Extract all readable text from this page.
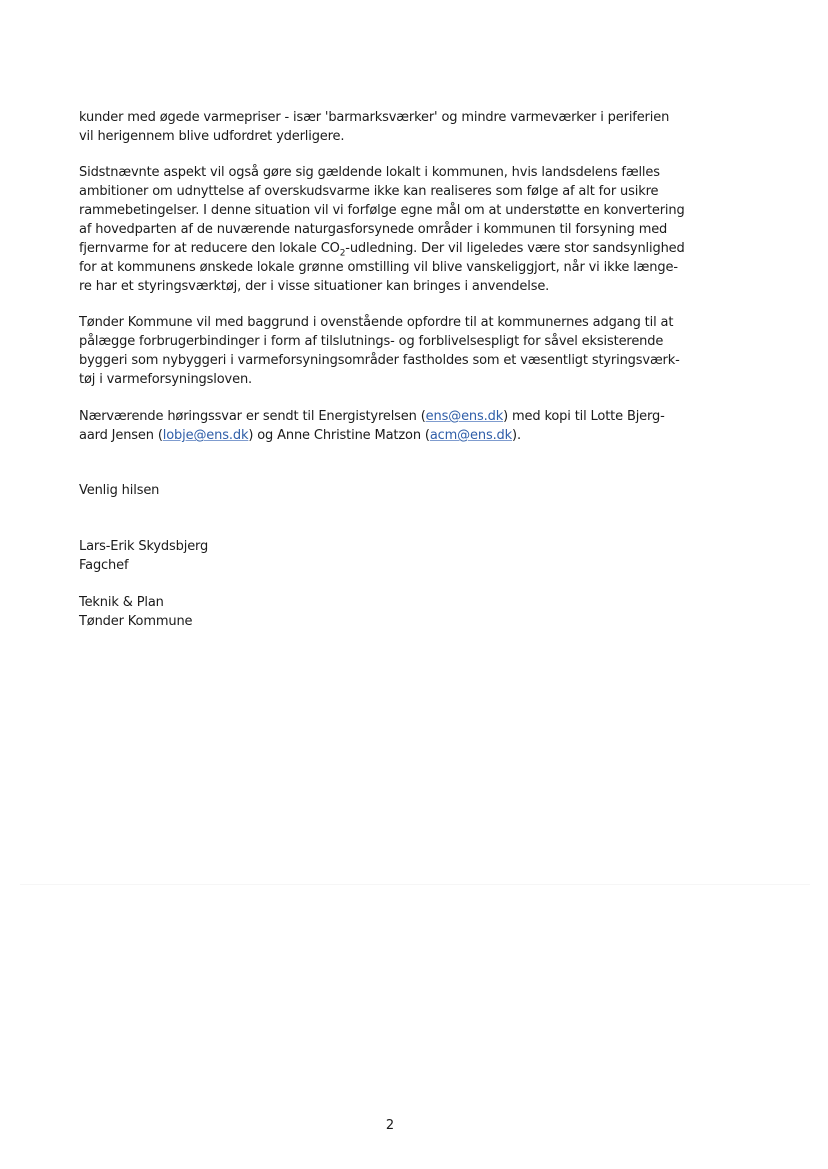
kunder med øgede varmepriser - især 'barmarksværker' og mindre varmeværker i periferien
vil herigennem blive udfordret yderligere.
Sidstnævnte aspekt vil også gøre sig gældende lokalt i kommunen, hvis landsdelens fælles
ambitioner om udnyttelse af overskudsvarme ikke kan realiseres som følge af alt for usikre
rammebetingelser. I denne situation vil vi forfølge egne mål om at understøtte en konvertering
af hovedparten af de nuværende naturgasforsynede områder i kommunen til forsyning med
fjernvarme for at reducere den lokale $CO_2$-udledning. Der vil ligeledes være stor sandsynlighed
for at kommunens ønskede lokale grønne omstilling vil blive vanskeliggjort, når vi ikke længe-
re har et styringsværktøj, der i visse situationer kan bringes i anvendelse.
Tønder Kommune vil med baggrund i ovenstående opfordre til at kommunernes adgang til at
pålægge forbrugerbindinger i form af tilslutnings- og forblivelsespligt for såvel eksisterende
byggeri som nybyggeri i varmeforsyningsområder fastholdes som et væsentligt styringsværk-
tøj i varmeforsyningsloven.
Nærværende høringssvar er sendt til Energistyrelsen (ens@ens.dk) med kopi til Lotte Bjerg-
aard Jensen (lobje@ens.dk) og Anne Christine Matzon (acm@ens.dk).
Venlig hilsen
Lars-Erik Skydsbjerg
Fagchef
Teknik & Plan
Tønder Kommune
2
